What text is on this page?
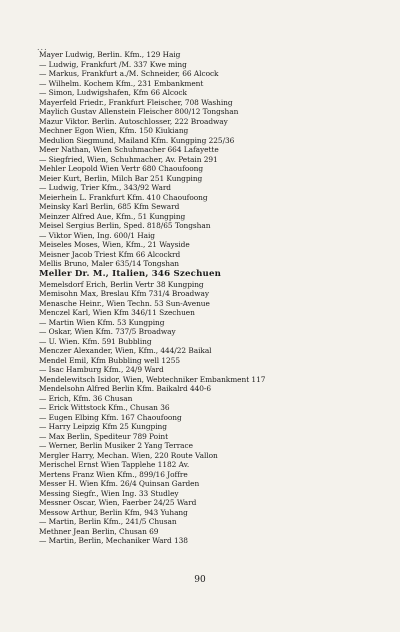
...
Mayer Ludwig, Berlin. Kfm., 129 Haig
— Ludwig, Frankfurt /M. 337 Kwe ming
— Markus, Frankfurt a./M. Schneider, 66 Alcock
— Wilhelm. Kochem Kfm., 231 Embankment
— Simon, Ludwigshafen, Kfm 66 Alcock
Mayerfeld Friedr., Frankfurt Fleischer, 708 Washing
Maylich Gustav Allenstein Fleischer 800/12 Tongshan
Mazur Viktor. Berlin. Autoschlosser, 222 Broadway
Mechner Egon Wien, Kfm. 150 Kiukiang
Medulion Siegmund, Mailand Kfm. Kungping 225/36
Meer Nathan, Wien Schuhmacher 664 Lafayette
— Siegfried, Wien, Schuhmacher, Av. Petain 291
Mehler Leopold Wien Vertr 680 Chaoufoong
Meier Kurt, Berlin, Milch Bar 251 Kungping
— Ludwig, Trier Kfm., 343/92 Ward
Meierhein L. Frankfurt Kfm. 410 Chaoufoong
Meinsky Karl Berlin, 685 Kfm Seward
Meinzer Alfred Aue, Kfm., 51 Kungping
Meisel Sergius Berlin, Sped. 818/65 Tongshan
— Viktor Wien, Ing. 600/1 Haig
Meiseles Moses, Wien, Kfm., 21 Wayside
Meisner Jacob Triest Kfm 66 Alcockrd
Mellis Bruno, Maler 635/14 Tongshan
Meller Dr. M., Italien, 346 Szechuen
Memelsdorf Erich, Berlin Vertr 38 Kungping
Memisohn Max, Breslau Kfm 731/4 Broadway
Menasche Heinr., Wien Techn. 53 Sun-Avenue
Menczel Karl, Wien Kfm 346/11 Szechuen
— Martin Wien Kfm. 53 Kungping
— Oskar, Wien Kfm. 737/5 Broadway
— U. Wien. Kfm. 591 Bubbling
Menczer Alexander, Wien, Kfm., 444/22 Baikal
Mendel Emil, Kfm Bubbling well 1255
— Isac Hamburg Kfm., 24/9 Ward
Mendelewitsch Isidor, Wien, Webtechniker Embankment 117
Mendelsohn Alfred Berlin Kfm. Baikalrd 440-6
— Erich, Kfm. 36 Chusan
— Erick Wittstock Kfm., Chusan 36
— Eugen Elbing Kfm. 167 Chaoufoong
— Harry Leipzig Kfm 25 Kungping
— Max Berlin, Spediteur 789 Point
— Werner, Berlin Musiker 2 Yang Terrace
Mergler Harry, Mechan. Wien, 220 Route Vallon
Merischel Ernst Wien Tapplehe 1182 Av.
Mertens Franz Wien Kfm., 899/16 Joffre
Messer H. Wien Kfm. 26/4 Quinsan Garden
Messing Siegfr., Wien Ing. 33 Studley
Messner Oscar, Wien, Faerber 24/25 Ward
Messow Arthur, Berlin Kfm, 943 Yuhang
— Martin, Berlin Kfm., 241/5 Chusan
Methner Jean Berlin, Chusan 69
— Martin, Berlin, Mechaniker Ward 138
90
